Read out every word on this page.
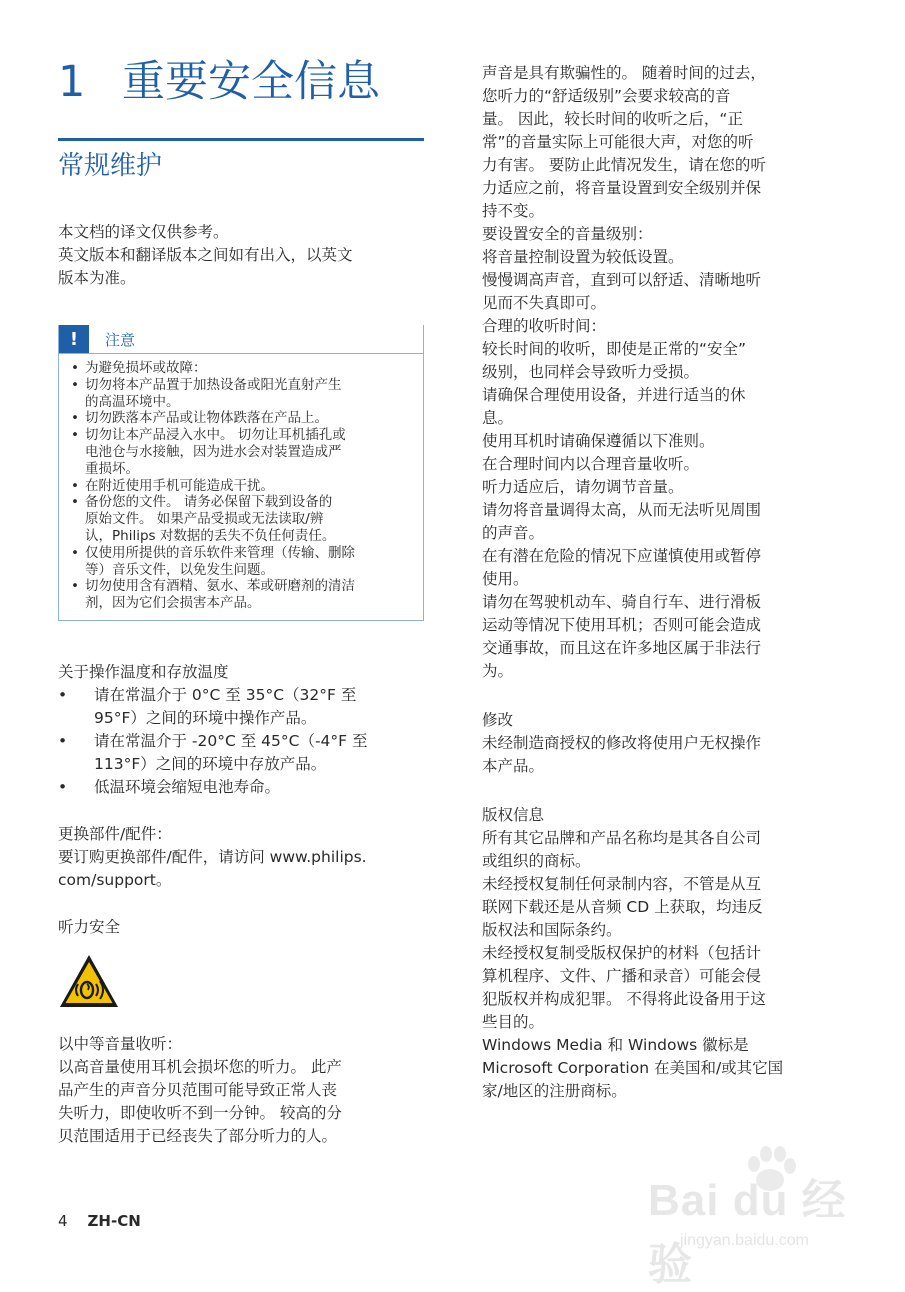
1 重要安全信息
常规维护

本文档的译文仅供参考。

英文版本和翻译版本之间如有出入，以英文

版本为准。

!	注意
• 为避免损坏或故障：
• 切勿将本产品置于加热设备或阳光直射产生
的高温环境中。
• 切勿跌落本产品或让物体跌落在产品上。
• 切勿让本产品浸入水中。 切勿让耳机插孔或
电池仓与水接触，因为进水会对装置造成严
重损坏。
• 在附近使用手机可能造成干扰。
• 备份您的文件。 请务必保留下载到设备的
原始文件。 如果产品受损或无法读取/辨
认，Philips 对数据的丢失不负任何责任。
• 仅使用所提供的音乐软件来管理（传输、删除
等）音乐文件，以免发生问题。
• 切勿使用含有酒精、氨水、苯或研磨剂的清洁
剂，因为它们会损害本产品。

关于操作温度和存放温度

• 请在常温介于 0°C 至 35°C（32°F 至
95°F）之间的环境中操作产品。
• 请在常温介于 -20°C 至 45°C（-4°F 至
113°F）之间的环境中存放产品。
• 低温环境会缩短电池寿命。

更换部件/配件：

要订购更换部件/配件，请访问 www.philips.

com/support。

听力安全

以中等音量收听：

以高音量使用耳机会损坏您的听力。 此产

品产生的声音分贝范围可能导致正常人丧

失听力，即使收听不到一分钟。 较高的分

贝范围适用于已经丧失了部分听力的人。

声音是具有欺骗性的。 随着时间的过去，

您听力的“舒适级别”会要求较高的音

量。 因此，较长时间的收听之后，“正

常”的音量实际上可能很大声，对您的听

力有害。 要防止此情况发生，请在您的听

力适应之前，将音量设置到安全级别并保

持不变。

要设置安全的音量级别：

将音量控制设置为较低设置。

慢慢调高声音，直到可以舒适、清晰地听

见而不失真即可。

合理的收听时间：

较长时间的收听，即使是正常的“安全”

级别，也同样会导致听力受损。

请确保合理使用设备，并进行适当的休

息。

使用耳机时请确保遵循以下准则。

在合理时间内以合理音量收听。

听力适应后，请勿调节音量。

请勿将音量调得太高，从而无法听见周围

的声音。

在有潜在危险的情况下应谨慎使用或暂停

使用。

请勿在驾驶机动车、骑自行车、进行滑板

运动等情况下使用耳机；否则可能会造成

交通事故，而且这在许多地区属于非法行

为。

修改

未经制造商授权的修改将使用户无权操作

本产品。

版权信息

所有其它品牌和产品名称均是其各自公司

或组织的商标。

未经授权复制任何录制内容，不管是从互

联网下载还是从音频 CD 上获取，均违反

版权法和国际条约。

未经授权复制受版权保护的材料（包括计

算机程序、文件、广播和录音）可能会侵

犯版权并构成犯罪。 不得将此设备用于这

些目的。

Windows Media 和 Windows 徽标是

Microsoft Corporation 在美国和/或其它国

家/地区的注册商标。

4 ZH-CN	Bai du 经验
jingyan.baidu.com
